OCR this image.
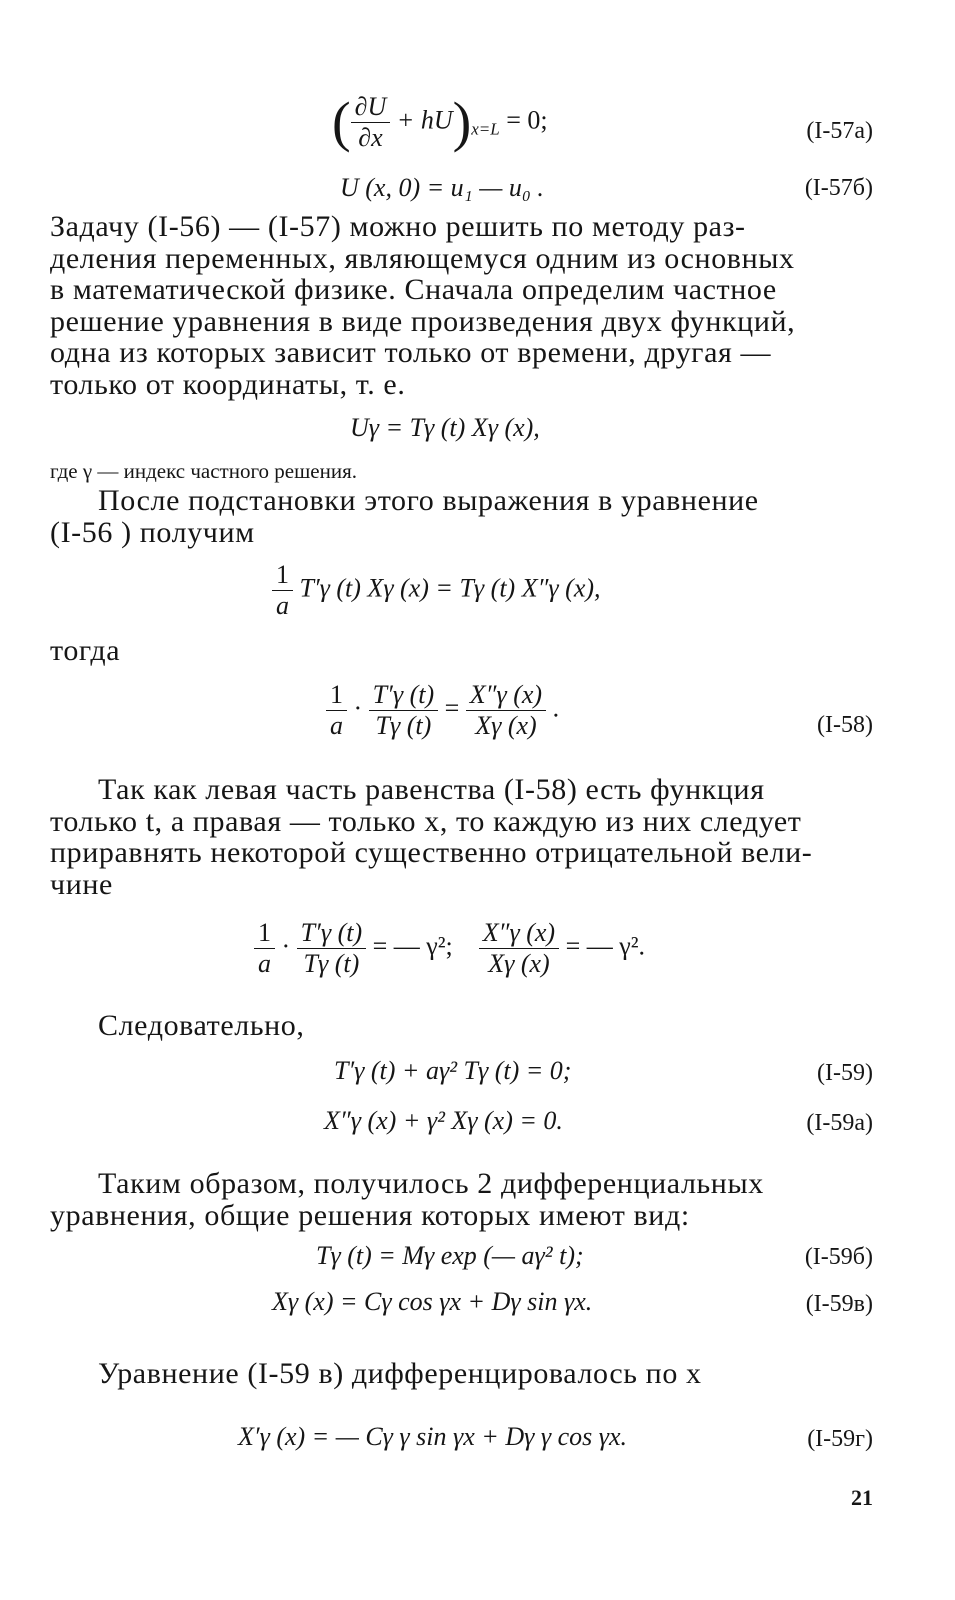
( $\frac{\partial U}{\partial x} + hU)_{x=L} = 0$;	(I-57а)
U (x, 0) = u₁ — u₀ .	(I-57б)
Задачу (I-56) — (I-57) можно решить по методу раз-
деления переменных, являющемуся одним из основных
в математической физике. Сначала определим частное
решение уравнения в виде произведения двух функций,
одна из которых зависит только от времени, другая —
только от координаты, т. е.
Uγ = Tγ (t) Xγ (x),
где γ — индекс частного решения.
После подстановки этого выражения в уравнение
(I-56 ) получим
$\frac{1}{a} T'\gamma$ (t) Xγ (x) = Tγ (t) X″γ (x),
тогда
$\frac{1}{a} \cdot \frac{T'\gamma (t)}{T\gamma (t)} = \frac{X''\gamma (x)}{X\gamma (x)}$ .
(I-58)
Так как левая часть равенства (I-58) есть функция
только t, а правая — только x, то каждую из них следует
приравнять некоторой существенно отрицательной вели-
чине
$\frac{1}{a} \cdot \frac{T'\gamma (t)}{T\gamma (t)}$ = — γ²; $\frac{X''\gamma (x)}{X\gamma (x)}$ = — γ².
Следовательно,
T′γ (t) + aγ² Tγ (t) = 0;	(I-59)
X″γ (x) + γ² Xγ (x) = 0.	(I-59а)
Таким образом, получилось 2 дифференциальных
уравнения, общие решения которых имеют вид:
Tγ (t) = Mγ exp (— aγ² t);	(I-59б)
Xγ (x) = Cγ cos γx + Dγ sin γx.	(I-59в)
Уравнение (I-59 в) дифференцировалось по x
X′γ (x) = — Cγ γ sin γx + Dγ γ cos γx.	(I-59г)
21
